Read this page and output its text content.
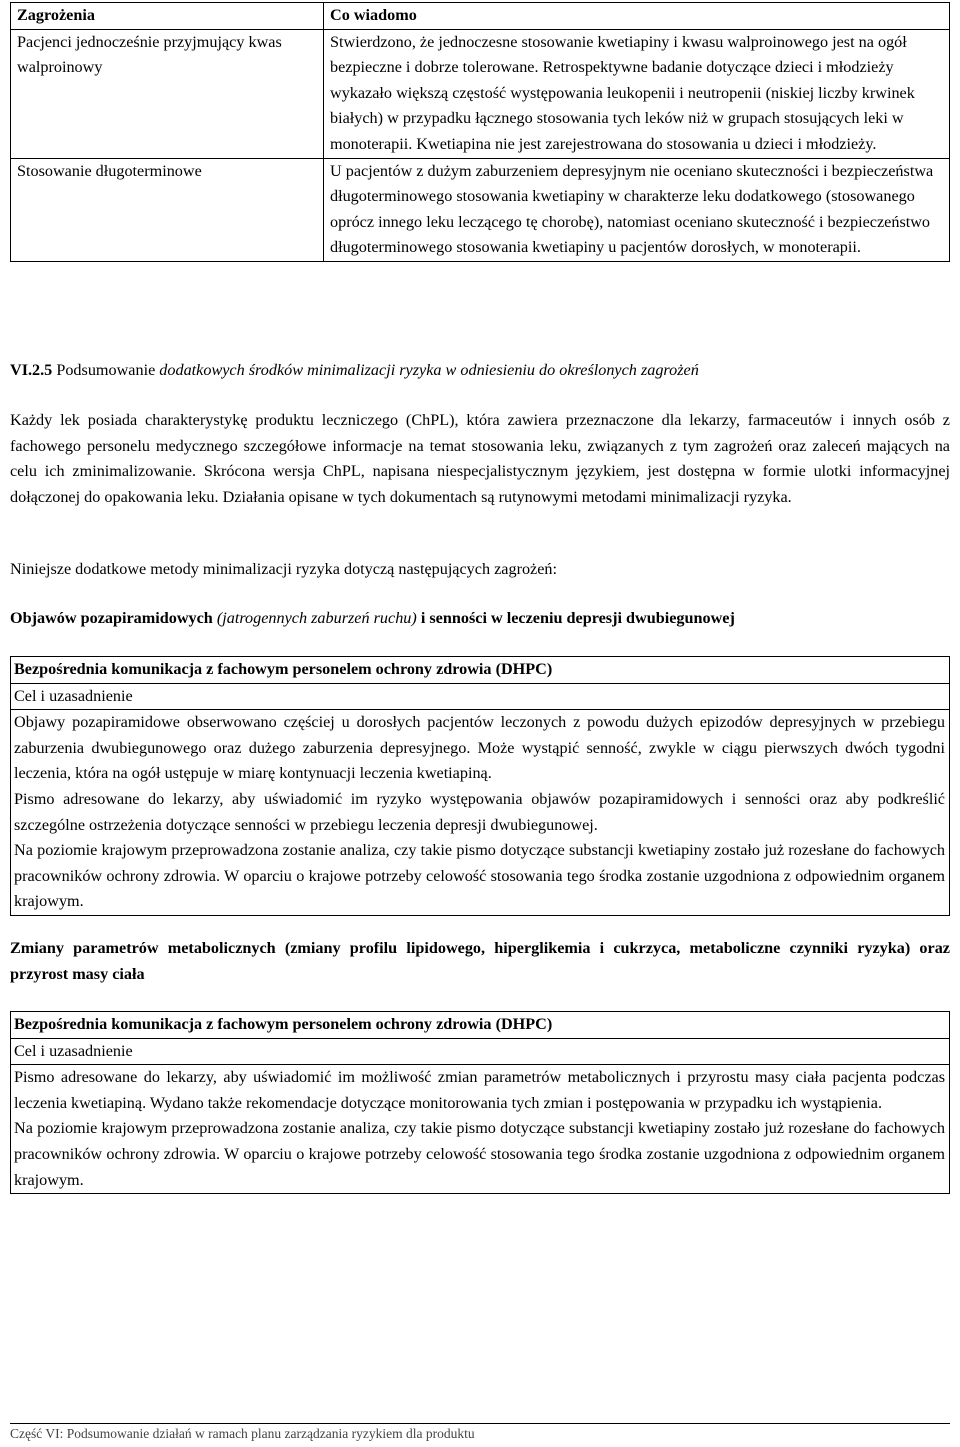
Zagrożenia	Co wiadomo
Pacjenci jednocześnie przyjmujący kwas walproinowy	Stwierdzono, że jednoczesne stosowanie kwetiapiny i kwasu walproinowego jest na ogół bezpieczne i dobrze tolerowane. Retrospektywne badanie dotyczące dzieci i młodzieży wykazało większą częstość występowania leukopenii i neutropenii (niskiej liczby krwinek białych) w przypadku łącznego stosowania tych leków niż w grupach stosujących leki w monoterapii. Kwetiapina nie jest zarejestrowana do stosowania u dzieci i młodzieży.
Stosowanie długoterminowe	U pacjentów z dużym zaburzeniem depresyjnym nie oceniano skuteczności i bezpieczeństwa długoterminowego stosowania kwetiapiny w charakterze leku dodatkowego (stosowanego oprócz innego leku leczącego tę chorobę), natomiast oceniano skuteczność i bezpieczeństwo długoterminowego stosowania kwetiapiny u pacjentów dorosłych, w monoterapii.

VI.2.5 Podsumowanie dodatkowych środków minimalizacji ryzyka w odniesieniu do określonych zagrożeń

Każdy lek posiada charakterystykę produktu leczniczego (ChPL), która zawiera przeznaczone dla lekarzy, farmaceutów i innych osób z fachowego personelu medycznego szczegółowe informacje na temat stosowania leku, związanych z tym zagrożeń oraz zaleceń mających na celu ich zminimalizowanie. Skrócona wersja ChPL, napisana niespecjalistycznym językiem, jest dostępna w formie ulotki informacyjnej dołączonej do opakowania leku. Działania opisane w tych dokumentach są rutynowymi metodami minimalizacji ryzyka.

Niniejsze dodatkowe metody minimalizacji ryzyka dotyczą następujących zagrożeń:

Objawów pozapiramidowych (jatrogennych zaburzeń ruchu) i senności w leczeniu depresji dwubiegunowej

Bezpośrednia komunikacja z fachowym personelem ochrony zdrowia (DHPC)
Cel i uzasadnienie

Objawy pozapiramidowe obserwowano częściej u dorosłych pacjentów leczonych z powodu dużych epizodów depresyjnych w przebiegu zaburzenia dwubiegunowego oraz dużego zaburzenia depresyjnego. Może wystąpić senność, zwykle w ciągu pierwszych dwóch tygodni leczenia, która na ogół ustępuje w miarę kontynuacji leczenia kwetiapiną.

Pismo adresowane do lekarzy, aby uświadomić im ryzyko występowania objawów pozapiramidowych i senności oraz aby podkreślić szczególne ostrzeżenia dotyczące senności w przebiegu leczenia depresji dwubiegunowej.

Na poziomie krajowym przeprowadzona zostanie analiza, czy takie pismo dotyczące substancji kwetiapiny zostało już rozesłane do fachowych pracowników ochrony zdrowia. W oparciu o krajowe potrzeby celowość stosowania tego środka zostanie uzgodniona z odpowiednim organem krajowym.

Zmiany parametrów metabolicznych (zmiany profilu lipidowego, hiperglikemia i cukrzyca, metaboliczne czynniki ryzyka) oraz przyrost masy ciała

Bezpośrednia komunikacja z fachowym personelem ochrony zdrowia (DHPC)
Cel i uzasadnienie

Pismo adresowane do lekarzy, aby uświadomić im możliwość zmian parametrów metabolicznych i przyrostu masy ciała pacjenta podczas leczenia kwetiapiną. Wydano także rekomendacje dotyczące monitorowania tych zmian i postępowania w przypadku ich wystąpienia.

Na poziomie krajowym przeprowadzona zostanie analiza, czy takie pismo dotyczące substancji kwetiapiny zostało już rozesłane do fachowych pracowników ochrony zdrowia. W oparciu o krajowe potrzeby celowość stosowania tego środka zostanie uzgodniona z odpowiednim organem krajowym.

Część VI: Podsumowanie działań w ramach planu zarządzania ryzykiem dla produktu
